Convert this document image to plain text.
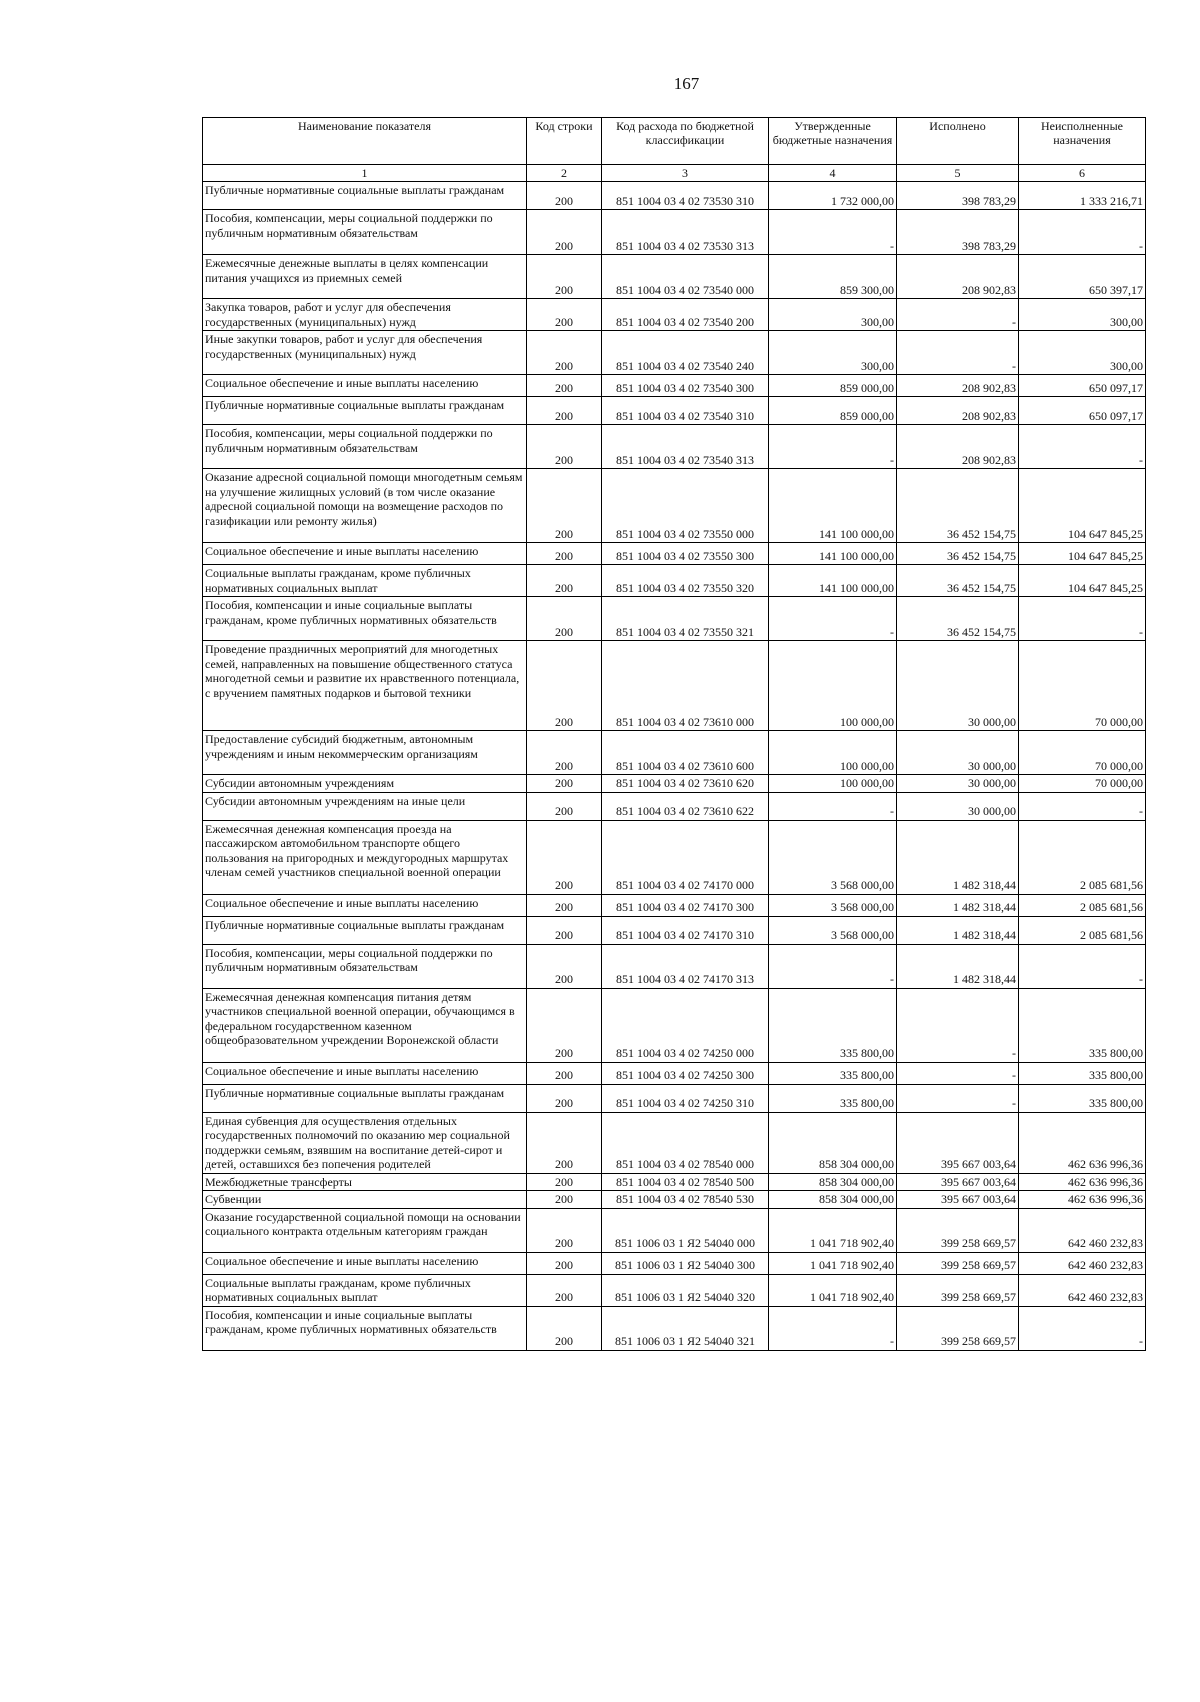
167
Наименование показателя	Код строки	Код расхода по бюджетной классификации	Утвержденные бюджетные назначения	Исполнено	Неисполненные назначения
1	2	3	4	5	6
Публичные нормативные социальные выплаты гражданам	200	851 1004 03 4 02 73530 310	1 732 000,00	398 783,29	1 333 216,71
Пособия, компенсации, меры социальной поддержки по публичным нормативным обязательствам	200	851 1004 03 4 02 73530 313	-	398 783,29	-
Ежемесячные денежные выплаты в целях компенсации питания учащихся из приемных семей	200	851 1004 03 4 02 73540 000	859 300,00	208 902,83	650 397,17
Закупка товаров, работ и услуг для обеспечения государственных (муниципальных) нужд	200	851 1004 03 4 02 73540 200	300,00	-	300,00
Иные закупки товаров, работ и услуг для обеспечения государственных (муниципальных) нужд	200	851 1004 03 4 02 73540 240	300,00	-	300,00
Социальное обеспечение и иные выплаты населению	200	851 1004 03 4 02 73540 300	859 000,00	208 902,83	650 097,17
Публичные нормативные социальные выплаты гражданам	200	851 1004 03 4 02 73540 310	859 000,00	208 902,83	650 097,17
Пособия, компенсации, меры социальной поддержки по публичным нормативным обязательствам	200	851 1004 03 4 02 73540 313	-	208 902,83	-
Оказание адресной социальной помощи многодетным семьям на улучшение жилищных условий (в том числе оказание адресной социальной помощи на возмещение расходов по газификации или ремонту жилья)	200	851 1004 03 4 02 73550 000	141 100 000,00	36 452 154,75	104 647 845,25
Социальное обеспечение и иные выплаты населению	200	851 1004 03 4 02 73550 300	141 100 000,00	36 452 154,75	104 647 845,25
Социальные выплаты гражданам, кроме публичных нормативных социальных выплат	200	851 1004 03 4 02 73550 320	141 100 000,00	36 452 154,75	104 647 845,25
Пособия, компенсации и иные социальные выплаты гражданам, кроме публичных нормативных обязательств	200	851 1004 03 4 02 73550 321	-	36 452 154,75	-
Проведение праздничных мероприятий для многодетных семей, направленных на повышение общественного статуса многодетной семьи и развитие их нравственного потенциала, с вручением памятных подарков и бытовой техники	200	851 1004 03 4 02 73610 000	100 000,00	30 000,00	70 000,00
Предоставление субсидий бюджетным, автономным учреждениям и иным некоммерческим организациям	200	851 1004 03 4 02 73610 600	100 000,00	30 000,00	70 000,00
Субсидии автономным учреждениям	200	851 1004 03 4 02 73610 620	100 000,00	30 000,00	70 000,00
Субсидии автономным учреждениям на иные цели	200	851 1004 03 4 02 73610 622	-	30 000,00	-
Ежемесячная денежная компенсация проезда на пассажирском автомобильном транспорте общего пользования на пригородных и междугородных маршрутах членам семей участников специальной военной операции	200	851 1004 03 4 02 74170 000	3 568 000,00	1 482 318,44	2 085 681,56
Социальное обеспечение и иные выплаты населению	200	851 1004 03 4 02 74170 300	3 568 000,00	1 482 318,44	2 085 681,56
Публичные нормативные социальные выплаты гражданам	200	851 1004 03 4 02 74170 310	3 568 000,00	1 482 318,44	2 085 681,56
Пособия, компенсации, меры социальной поддержки по публичным нормативным обязательствам	200	851 1004 03 4 02 74170 313	-	1 482 318,44	-
Ежемесячная денежная компенсация питания детям участников специальной военной операции, обучающимся в федеральном государственном казенном общеобразовательном учреждении Воронежской области	200	851 1004 03 4 02 74250 000	335 800,00	-	335 800,00
Социальное обеспечение и иные выплаты населению	200	851 1004 03 4 02 74250 300	335 800,00	-	335 800,00
Публичные нормативные социальные выплаты гражданам	200	851 1004 03 4 02 74250 310	335 800,00	-	335 800,00
Единая субвенция для осуществления отдельных государственных полномочий по оказанию мер социальной поддержки семьям, взявшим на воспитание детей-сирот и детей, оставшихся без попечения родителей	200	851 1004 03 4 02 78540 000	858 304 000,00	395 667 003,64	462 636 996,36
Межбюджетные трансферты	200	851 1004 03 4 02 78540 500	858 304 000,00	395 667 003,64	462 636 996,36
Субвенции	200	851 1004 03 4 02 78540 530	858 304 000,00	395 667 003,64	462 636 996,36
Оказание государственной социальной помощи на основании социального контракта отдельным категориям граждан	200	851 1006 03 1 Я2 54040 000	1 041 718 902,40	399 258 669,57	642 460 232,83
Социальное обеспечение и иные выплаты населению	200	851 1006 03 1 Я2 54040 300	1 041 718 902,40	399 258 669,57	642 460 232,83
Социальные выплаты гражданам, кроме публичных нормативных социальных выплат	200	851 1006 03 1 Я2 54040 320	1 041 718 902,40	399 258 669,57	642 460 232,83
Пособия, компенсации и иные социальные выплаты гражданам, кроме публичных нормативных обязательств	200	851 1006 03 1 Я2 54040 321	-	399 258 669,57	-
